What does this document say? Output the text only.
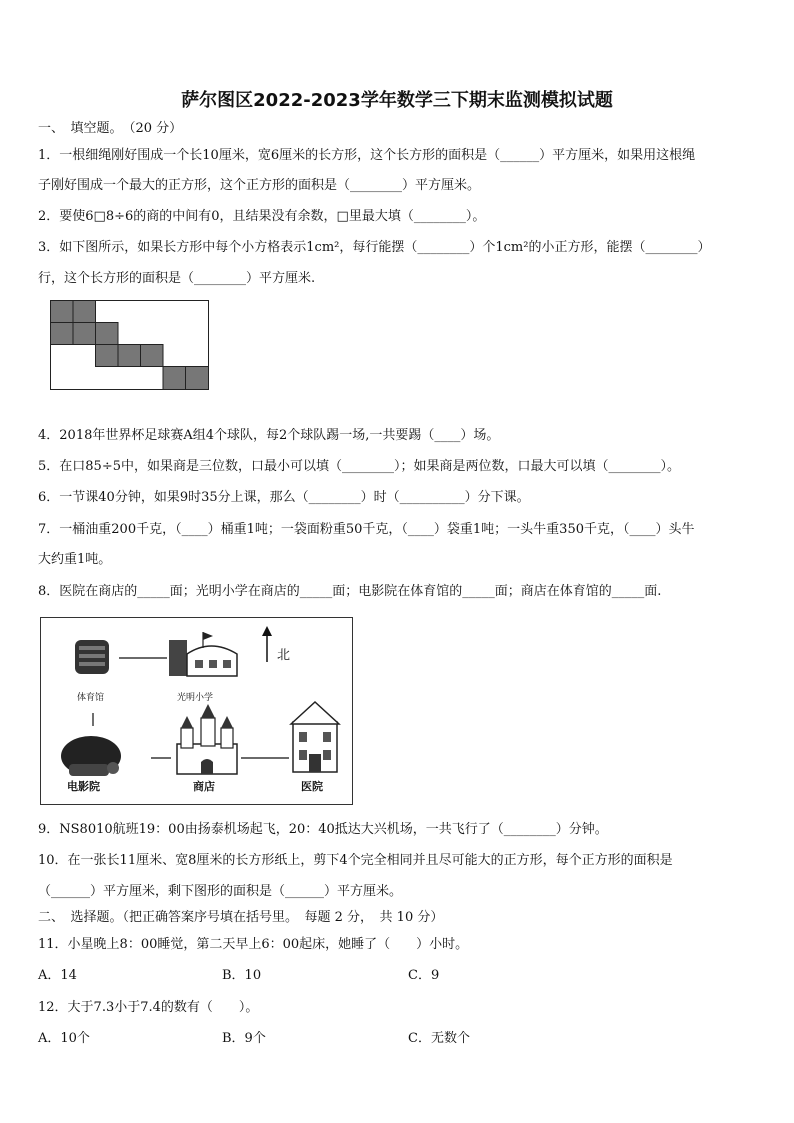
萨尔图区2022-2023学年数学三下期末监测模拟试题
一、　填空题。　（20 分）
1．一根细绳刚好围成一个长10厘米，宽6厘米的长方形，这个长方形的面积是（______）平方厘米，如果用这根绳
子刚好围成一个最大的正方形，这个正方形的面积是（________）平方厘米。
2．要使6□8÷6的商的中间有0，且结果没有余数，□里最大填（________）。
3．如下图所示，如果长方形中每个小方格表示1cm²，每行能摆（________）个1cm²的小正方形，能摆（________）
行，这个长方形的面积是（________）平方厘米.
4．2018年世界杯足球赛A组4个球队，每2个球队踢一场,一共要踢（____）场。
5．在口85÷5中，如果商是三位数，口最小可以填（________）；如果商是两位数，口最大可以填（________）。
6．一节课40分钟，如果9时35分上课，那么（________）时（__________）分下课。
7．一桶油重200千克，（____）桶重1吨；一袋面粉重50千克，（____）袋重1吨；一头牛重350千克，（____）头牛
大约重1吨。
8．医院在商店的_____面；光明小学在商店的_____面；电影院在体育馆的_____面；商店在体育馆的_____面.
体育馆	光明小学
北
电影院	商店	医院
9．NS8010航班19：00由扬泰机场起飞，20：40抵达大兴机场，一共飞行了（________）分钟。
10．在一张长11厘米、宽8厘米的长方形纸上，剪下4个完全相同并且尽可能大的正方形，每个正方形的面积是
（______）平方厘米，剩下图形的面积是（______）平方厘米。
二、　选择题。（把正确答案序号填在括号里。　每题 2 分，　共 10 分）
11．小星晚上8：00睡觉，第二天早上6：00起床，她睡了（　　）小时。
A．14	B．10	C．9
12．大于7.3小于7.4的数有（　　）。
A．10个	B．9个	C．无数个
